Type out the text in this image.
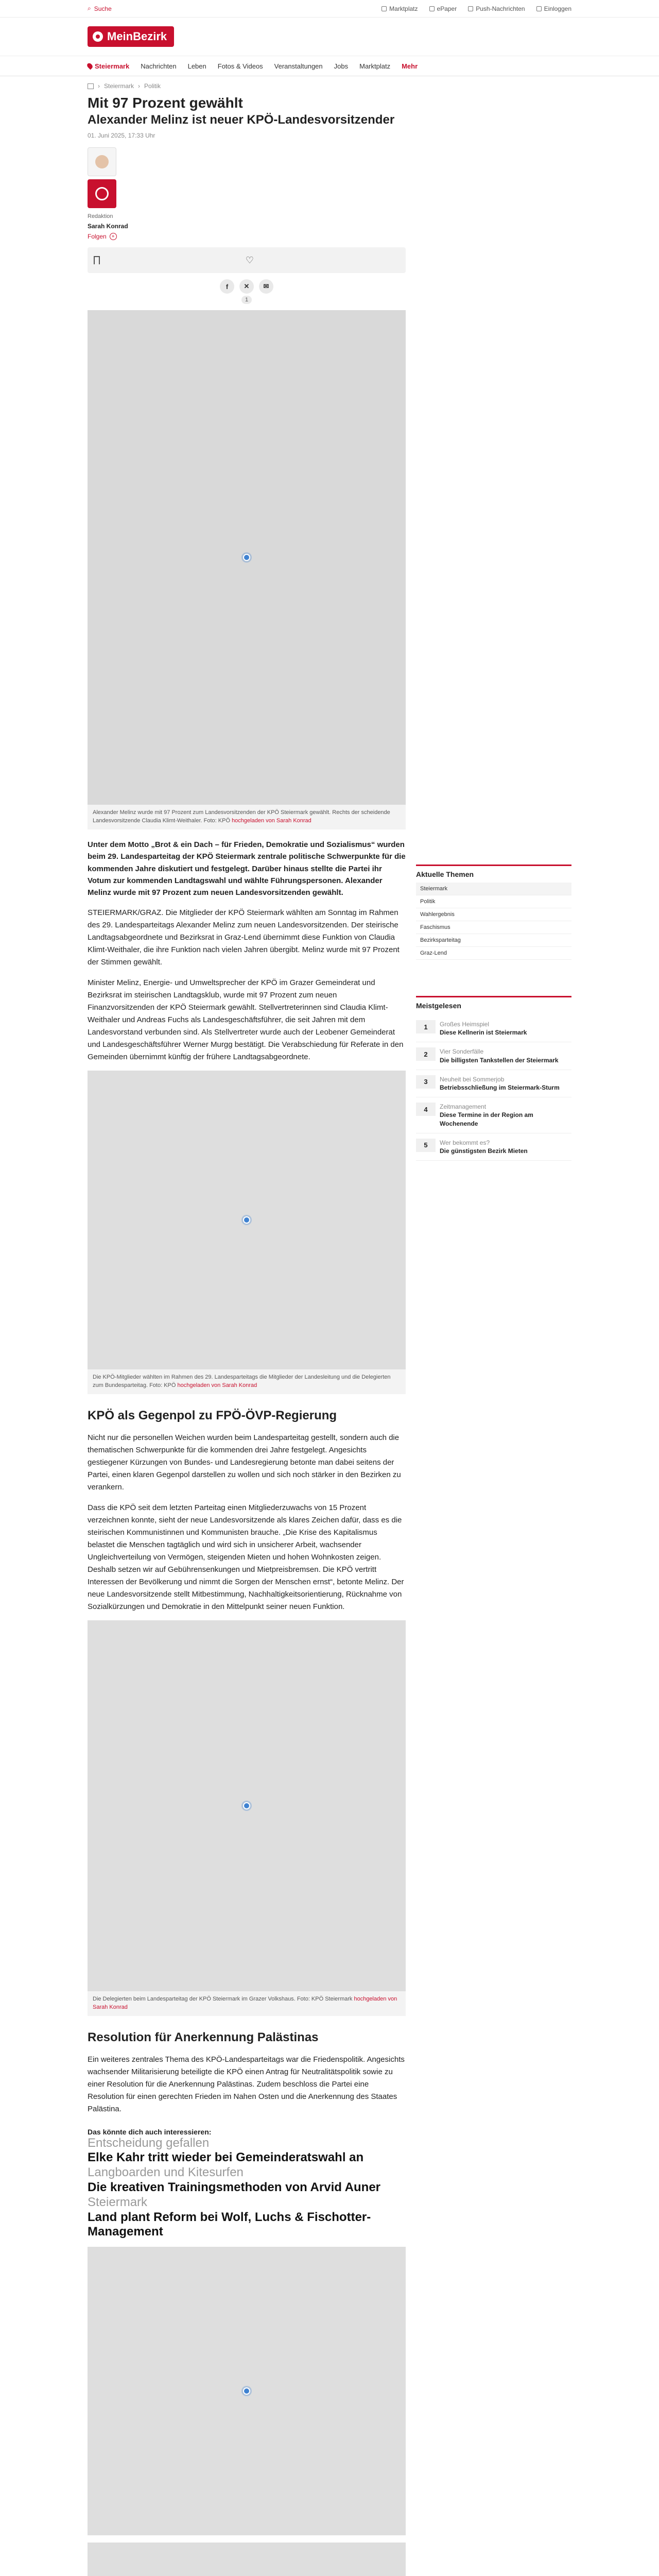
⌕ Suche	Marktplatz	ePaper	Push-Nachrichten	Einloggen
MeinBezirk
Steiermark Nachrichten Leben Fotos & Videos Veranstaltungen Jobs Marktplatz Mehr
› Steiermark › Politik
Mit 97 Prozent gewählt
Alexander Melinz ist neuer KPÖ-Landesvorsitzender
01. Juni 2025, 17:33 Uhr
Redaktion
Sarah Konrad
Folgen	+
♡
f	✕	✉
1
Alexander Melinz wurde mit 97 Prozent zum Landesvorsitzenden der KPÖ Steiermark gewählt. Rechts der scheidende Landesvorsitzende Claudia Klimt-Weithaler. Foto: KPÖ hochgeladen von Sarah Konrad

Unter dem Motto „Brot & ein Dach – für Frieden, Demokratie und Sozialismus“ wurden beim 29. Landesparteitag der KPÖ Steiermark zentrale politische Schwerpunkte für die kommenden Jahre diskutiert und festgelegt. Darüber hinaus stellte die Partei ihr Votum zur kommenden Landtagswahl und wählte Führungspersonen. Alexander Melinz wurde mit 97 Prozent zum neuen Landesvorsitzenden gewählt.

STEIERMARK/GRAZ. Die Mitglieder der KPÖ Steiermark wählten am Sonntag im Rahmen des 29. Landesparteitags Alexander Melinz zum neuen Landesvorsitzenden. Der steirische Landtagsabgeordnete und Bezirksrat in Graz-Lend übernimmt diese Funktion von Claudia Klimt-Weithaler, die ihre Funktion nach vielen Jahren übergibt. Melinz wurde mit 97 Prozent der Stimmen gewählt.

Minister Melinz, Energie- und Umweltsprecher der KPÖ im Grazer Gemeinderat und Bezirksrat im steirischen Landtagsklub, wurde mit 97 Prozent zum neuen Finanzvorsitzenden der KPÖ Steiermark gewählt. Stellvertreterinnen sind Claudia Klimt-Weithaler und Andreas Fuchs als Landesgeschäftsführer, die seit Jahren mit dem Landesvorstand verbunden sind. Als Stellvertreter wurde auch der Leobener Gemeinderat und Landesgeschäftsführer Werner Murgg bestätigt. Die Verabschiedung für Referate in den Gemeinden übernimmt künftig der frühere Landtagsabgeordnete.

Die KPÖ-Mitglieder wählten im Rahmen des 29. Landesparteitags die Mitglieder der Landesleitung und die Delegierten zum Bundesparteitag. Foto: KPÖ hochgeladen von Sarah Konrad
KPÖ als Gegenpol zu FPÖ-ÖVP-Regierung

Nicht nur die personellen Weichen wurden beim Landesparteitag gestellt, sondern auch die thematischen Schwerpunkte für die kommenden drei Jahre festgelegt. Angesichts gestiegener Kürzungen von Bundes- und Landesregierung betonte man dabei seitens der Partei, einen klaren Gegenpol darstellen zu wollen und sich noch stärker in den Bezirken zu verankern.

Dass die KPÖ seit dem letzten Parteitag einen Mitgliederzuwachs von 15 Prozent verzeichnen konnte, sieht der neue Landesvorsitzende als klares Zeichen dafür, dass es die steirischen Kommunistinnen und Kommunisten brauche. „Die Krise des Kapitalismus belastet die Menschen tagtäglich und wird sich in unsicherer Arbeit, wachsender Ungleichverteilung von Vermögen, steigenden Mieten und hohen Wohnkosten zeigen. Deshalb setzen wir auf Gebührensenkungen und Mietpreisbremsen. Die KPÖ vertritt Interessen der Bevölkerung und nimmt die Sorgen der Menschen ernst“, betonte Melinz. Der neue Landesvorsitzende stellt Mitbestimmung, Nachhaltigkeitsorientierung, Rücknahme von Sozialkürzungen und Demokratie in den Mittelpunkt seiner neuen Funktion.

Die Delegierten beim Landesparteitag der KPÖ Steiermark im Grazer Volkshaus. Foto: KPÖ Steiermark hochgeladen von Sarah Konrad
Resolution für Anerkennung Palästinas

Ein weiteres zentrales Thema des KPÖ-Landesparteitags war die Friedenspolitik. Angesichts wachsender Militarisierung beteiligte die KPÖ einen Antrag für Neutralitätspolitik sowie zu einer Resolution für die Anerkennung Palästinas. Zudem beschloss die Partei eine Resolution für einen gerechten Frieden im Nahen Osten und die Anerkennung des Staates Palästina.

Das könnte dich auch interessieren:
Entscheidung gefallen
Elke Kahr tritt wieder bei Gemeinderatswahl an
Langboarden und Kitesurfen
Die kreativen Trainingsmethoden von Arvid Auner
Steiermark
Land plant Reform bei Wolf, Luchs & Fischotter-Management
Aktuelle Themen
Steiermark
Politik
Wahlergebnis
Faschismus
Bezirksparteitag
Graz-Lend
Meistgelesen
1	Großes Heimspiel
Diese Kellnerin ist Steiermark
2	Vier Sonderfälle
Die billigsten Tankstellen der Steiermark
3	Neuheit bei Sommerjob
Betriebsschließung im Steiermark-Sturm
4	Zeitmanagement
Diese Termine in der Region am Wochenende
5	Wer bekommt es?
Die günstigsten Bezirk Mieten
